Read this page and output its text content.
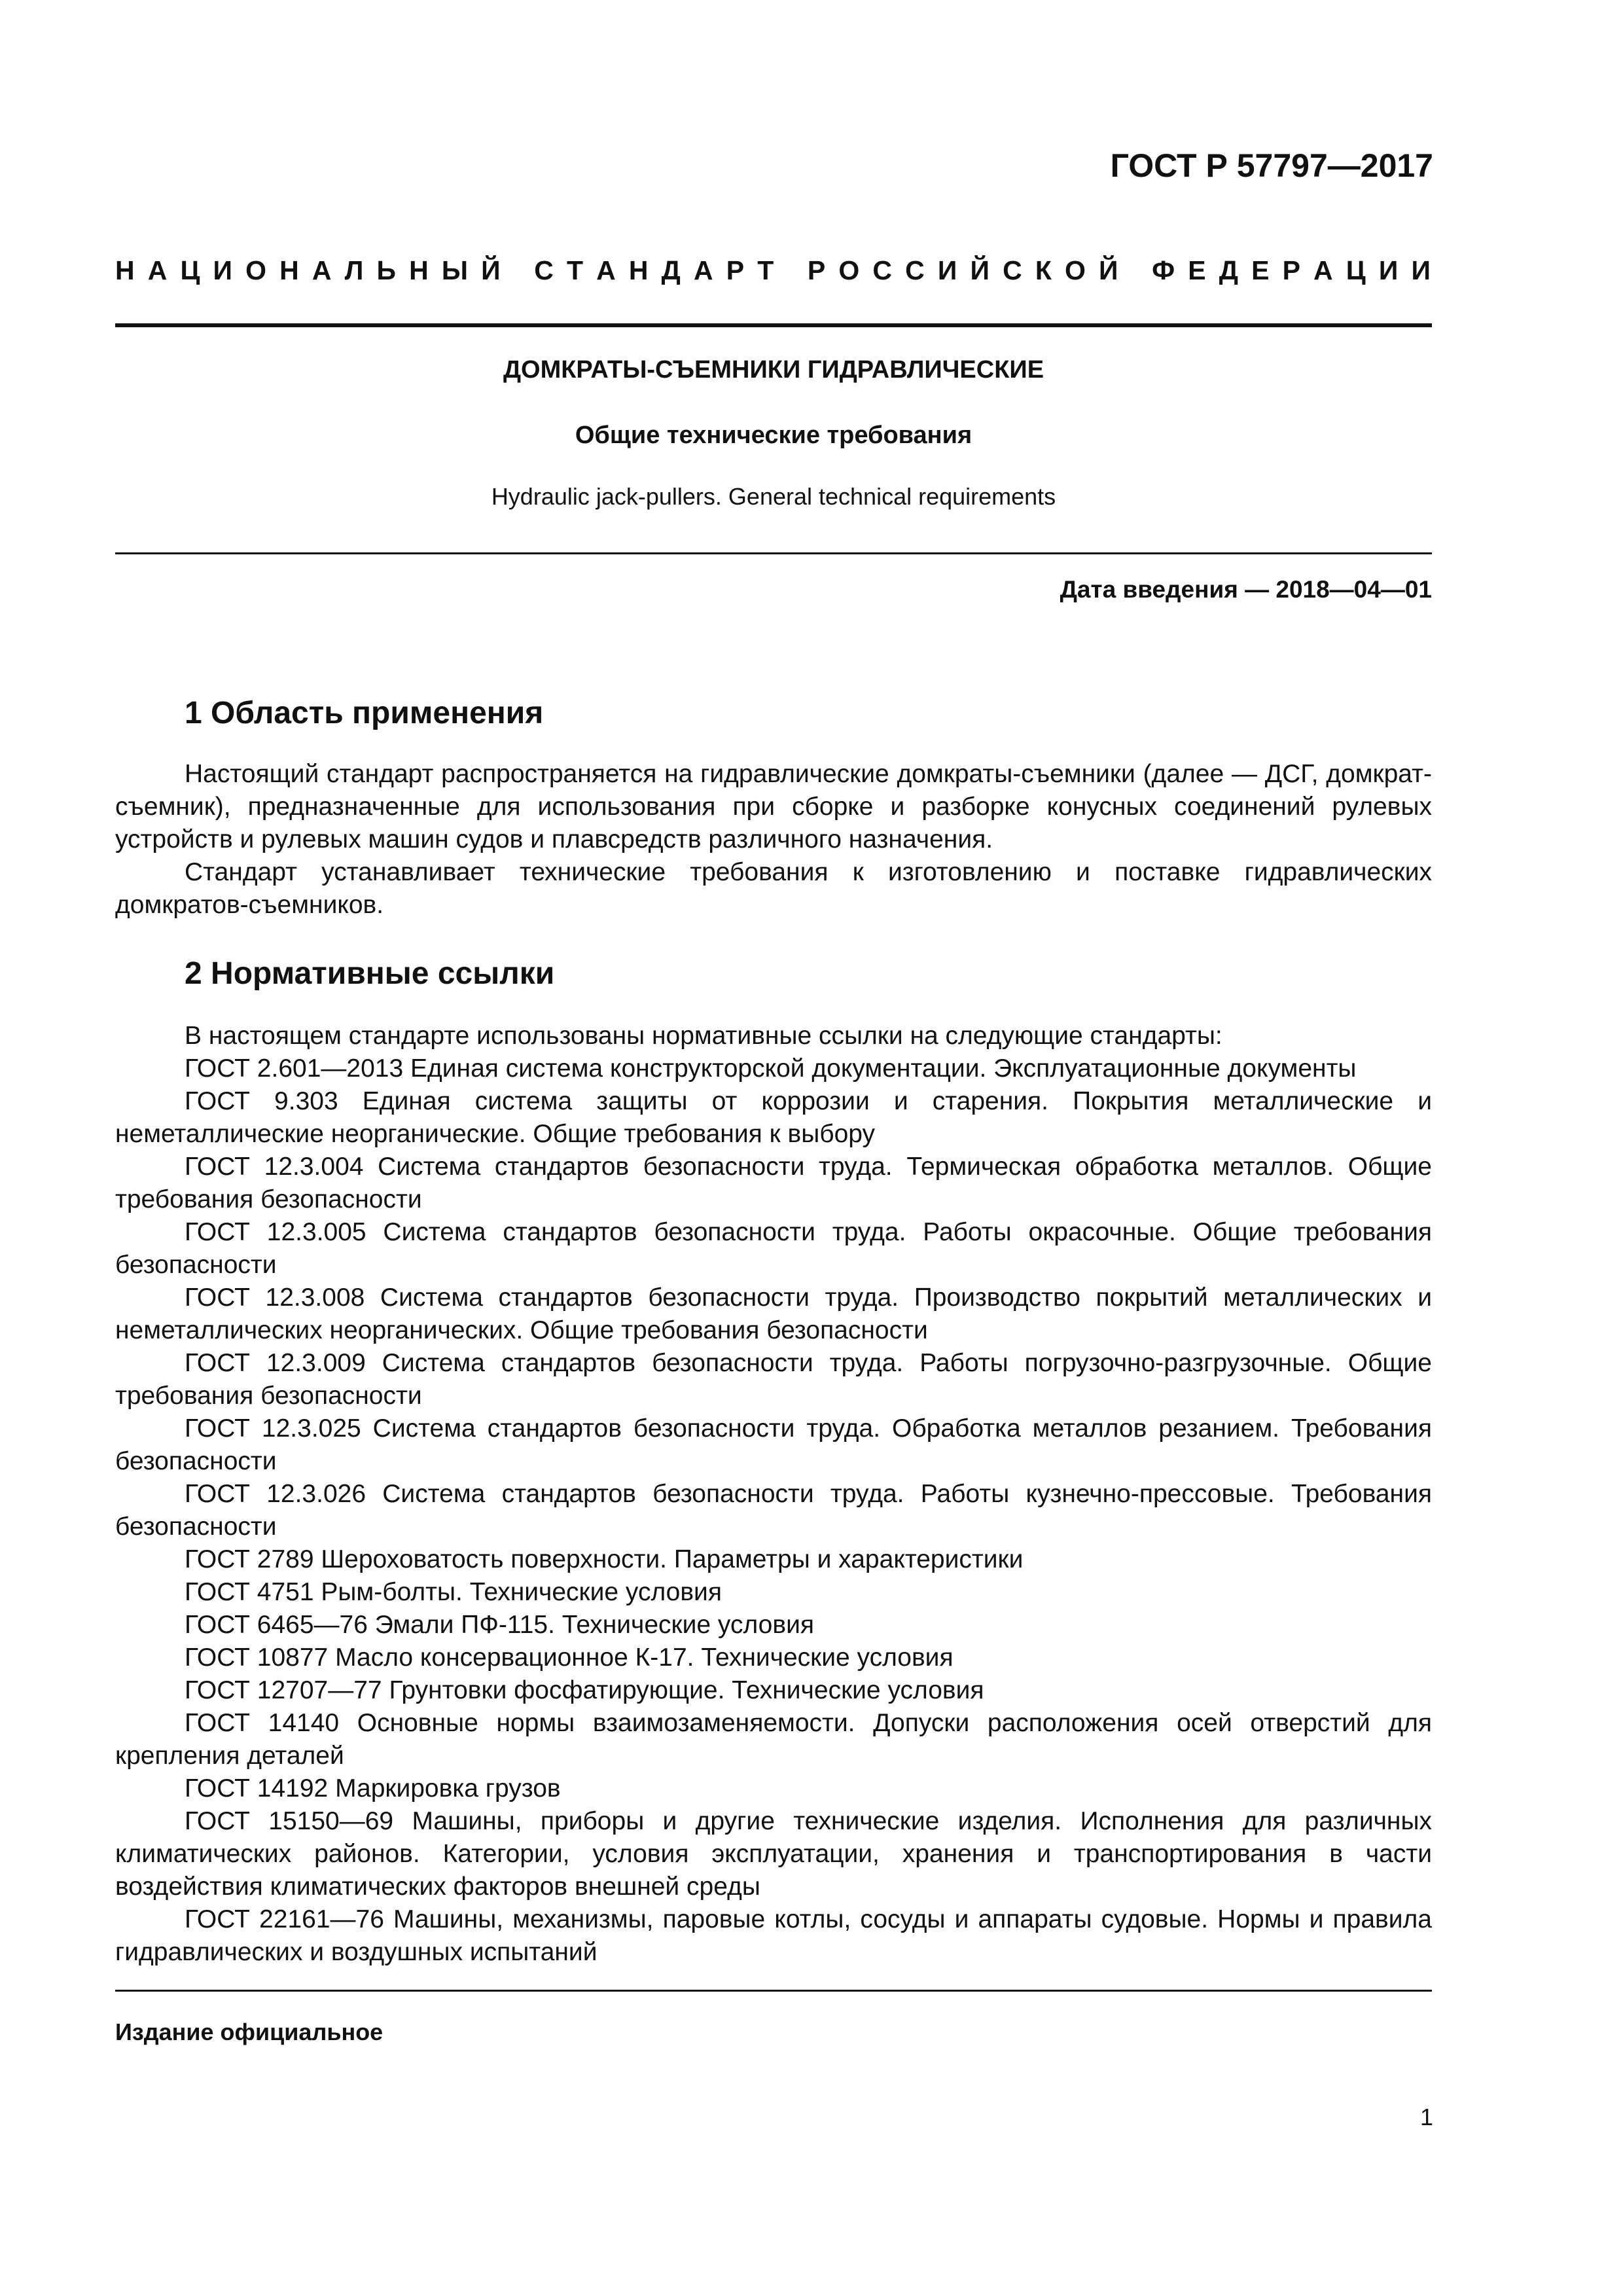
ГОСТ Р 57797—2017
Н А Ц И О Н А Л Ь Н Ы Й
С Т А Н Д А Р Т
Р О С С И Й С К О Й
Ф Е Д Е Р А Ц И И
ДОМКРАТЫ-СЪЕМНИКИ ГИДРАВЛИЧЕСКИЕ
Общие технические требования
Hydraulic jack-pullers. General technical requirements
Дата введения — 2018—04—01
1 Область применения

Настоящий стандарт распространяется на гидравлические домкраты-съемники (далее — ДСГ, домкрат-съемник), предназначенные для использования при сборке и разборке конусных соединений рулевых устройств и рулевых машин судов и плавсредств различного назначения.

Стандарт устанавливает технические требования к изготовлению и поставке гидравлических домкратов-съемников.

2 Нормативные ссылки

В настоящем стандарте использованы нормативные ссылки на следующие стандарты:

ГОСТ 2.601—2013 Единая система конструкторской документации. Эксплуатационные документы

ГОСТ 9.303 Единая система защиты от коррозии и старения. Покрытия металлические и неметаллические неорганические. Общие требования к выбору

ГОСТ 12.3.004 Система стандартов безопасности труда. Термическая обработка металлов. Общие требования безопасности

ГОСТ 12.3.005 Система стандартов безопасности труда. Работы окрасочные. Общие требования безопасности

ГОСТ 12.3.008 Система стандартов безопасности труда. Производство покрытий металлических и неметаллических неорганических. Общие требования безопасности

ГОСТ 12.3.009 Система стандартов безопасности труда. Работы погрузочно-разгрузочные. Общие требования безопасности

ГОСТ 12.3.025 Система стандартов безопасности труда. Обработка металлов резанием. Требования безопасности

ГОСТ 12.3.026 Система стандартов безопасности труда. Работы кузнечно-прессовые. Требования безопасности

ГОСТ 2789 Шероховатость поверхности. Параметры и характеристики

ГОСТ 4751 Рым-болты. Технические условия

ГОСТ 6465—76 Эмали ПФ-115. Технические условия

ГОСТ 10877 Масло консервационное К-17. Технические условия

ГОСТ 12707—77 Грунтовки фосфатирующие. Технические условия

ГОСТ 14140 Основные нормы взаимозаменяемости. Допуски расположения осей отверстий для крепления деталей

ГОСТ 14192 Маркировка грузов

ГОСТ 15150—69 Машины, приборы и другие технические изделия. Исполнения для различных климатических районов. Категории, условия эксплуатации, хранения и транспортирования в части воздействия климатических факторов внешней среды

ГОСТ 22161—76 Машины, механизмы, паровые котлы, сосуды и аппараты судовые. Нормы и правила гидравлических и воздушных испытаний

Издание официальное
1
